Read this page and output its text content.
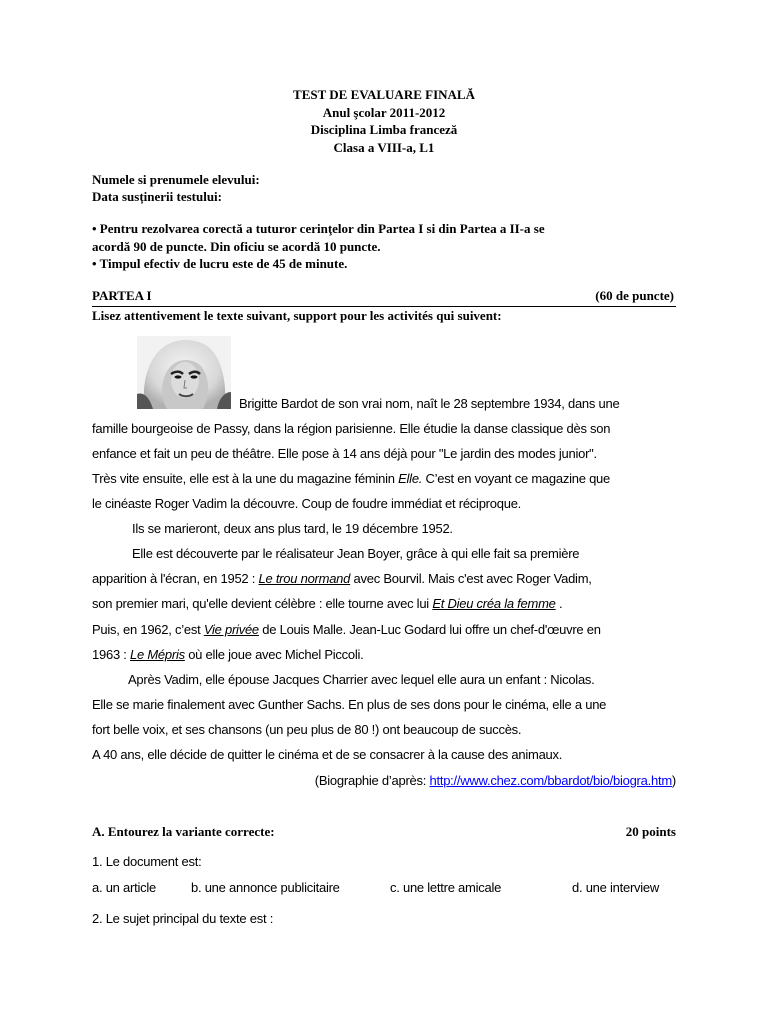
TEST DE EVALUARE FINALĂ
Anul şcolar 2011-2012
Disciplina Limba franceză
Clasa a VIII-a, L1
Numele si prenumele elevului:
Data susținerii testului:
• Pentru rezolvarea corectă a tuturor cerinţelor din Partea I si din Partea a II-a se
acordă 90 de puncte. Din oficiu se acordă 10 puncte.
• Timpul efectiv de lucru este de 45 de minute.
PARTEA I	(60 de puncte)
Lisez attentivement le texte suivant, support pour les activités qui suivent:
Brigitte Bardot de son vrai nom, naît le 28 septembre 1934, dans une
famille bourgeoise de Passy, dans la région parisienne. Elle étudie la danse classique dès son
enfance et fait un peu de théâtre. Elle pose à 14 ans déjà pour "Le jardin des modes junior".
Très vite ensuite, elle est à la une du magazine féminin Elle. C’est en voyant ce magazine que
le cinéaste Roger Vadim la découvre. Coup de foudre immédiat et réciproque.
Ils se marieront, deux ans plus tard, le 19 décembre 1952.
Elle est découverte par le réalisateur Jean Boyer, grâce à qui elle fait sa première
apparition à l'écran, en 1952 : Le trou normand avec Bourvil. Mais c'est avec Roger Vadim,
son premier mari, qu'elle devient célèbre : elle tourne avec lui Et Dieu créa la femme .
Puis, en 1962, c’est Vie privée de Louis Malle. Jean-Luc Godard lui offre un chef-d'œuvre en
1963 : Le Mépris où elle joue avec Michel Piccoli.
Après Vadim, elle épouse Jacques Charrier avec lequel elle aura un enfant : Nicolas.
Elle se marie finalement avec Gunther Sachs. En plus de ses dons pour le cinéma, elle a une
fort belle voix, et ses chansons (un peu plus de 80 !) ont beaucoup de succès.
A 40 ans, elle décide de quitter le cinéma et de se consacrer à la cause des animaux.
(Biographie d’après: http://www.chez.com/bbardot/bio/biogra.htm)
A. Entourez la variante correcte:	20 points
1. Le document est:
a. un article	b. une annonce publicitaire	c. une lettre amicale	d. une interview
2. Le sujet principal du texte est :
